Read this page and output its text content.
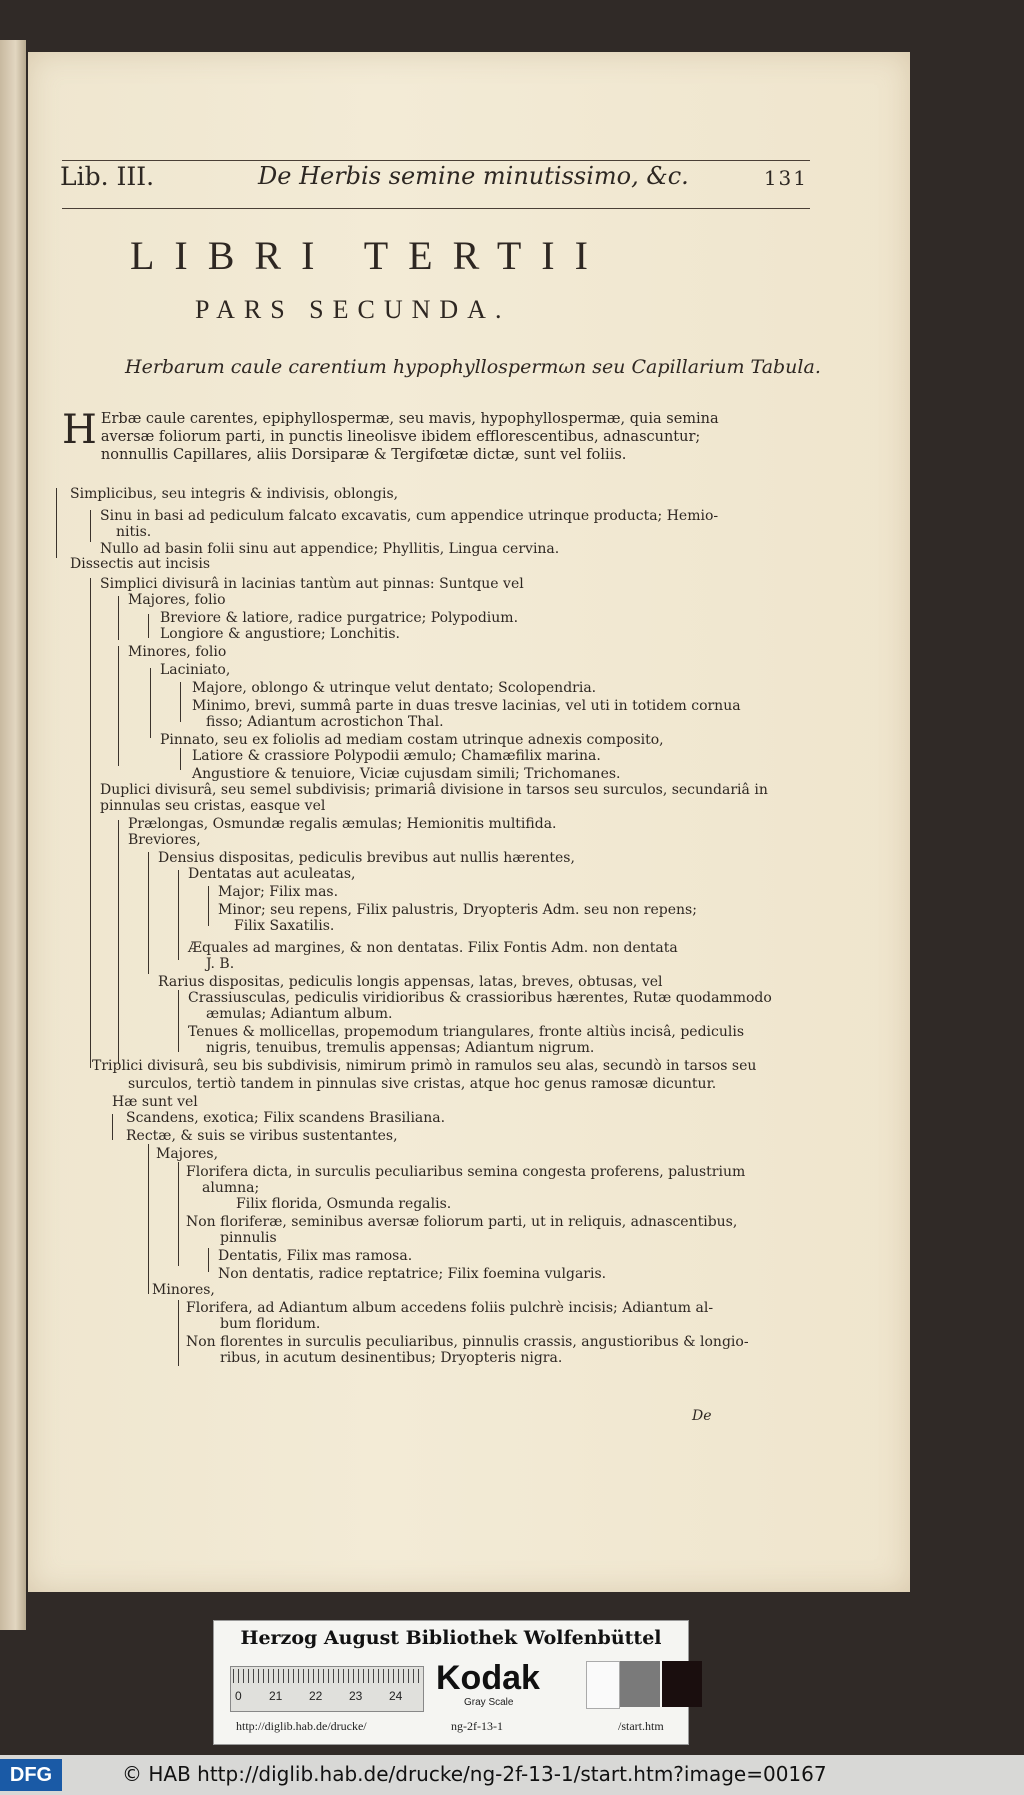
Lib. III.	De Herbis semine minutissimo, &c.	131
LIBRI TERTII
PARS SECUNDA.
Herbarum caule carentium hypophyllospermωn seu Capillarium Tabula.
H Erbæ caule carentes, epiphyllospermæ, seu mavis, hypophyllospermæ, quia semina aversæ foliorum parti, in punctis lineolisve ibidem efflorescentibus, adnascuntur; nonnullis Capillares, aliis Dorsiparæ & Tergifœtæ dictæ, sunt vel foliis.
Simplicibus, seu integris & indivisis, oblongis,
Sinu in basi ad pediculum falcato excavatis, cum appendice utrinque producta; Hemio-
nitis.
Nullo ad basin folii sinu aut appendice; Phyllitis, Lingua cervina.
Dissectis aut incisis
Simplici divisurâ in lacinias tantùm aut pinnas: Suntque vel
Majores, folio
Breviore & latiore, radice purgatrice; Polypodium.
Longiore & angustiore; Lonchitis.
Minores, folio
Laciniato,
Majore, oblongo & utrinque velut dentato; Scolopendria.
Minimo, brevi, summâ parte in duas tresve lacinias, vel uti in totidem cornua
fisso; Adiantum acrostichon Thal.
Pinnato, seu ex foliolis ad mediam costam utrinque adnexis composito,
Latiore & crassiore Polypodii æmulo; Chamæfilix marina.
Angustiore & tenuiore, Viciæ cujusdam simili; Trichomanes.
Duplici divisurâ, seu semel subdivisis; primariâ divisione in tarsos seu surculos, secundariâ in
pinnulas seu cristas, easque vel
Prælongas, Osmundæ regalis æmulas; Hemionitis multifida.
Breviores,
Densius dispositas, pediculis brevibus aut nullis hærentes,
Dentatas aut aculeatas,
Major; Filix mas.
Minor; seu repens, Filix palustris, Dryopteris Adm. seu non repens;
Filix Saxatilis.
Æquales ad margines, & non dentatas. Filix Fontis Adm. non dentata
J. B.
Rarius dispositas, pediculis longis appensas, latas, breves, obtusas, vel
Crassiusculas, pediculis viridioribus & crassioribus hærentes, Rutæ quodammodo
æmulas; Adiantum album.
Tenues & mollicellas, propemodum triangulares, fronte altiùs incisâ, pediculis
nigris, tenuibus, tremulis appensas; Adiantum nigrum.
Triplici divisurâ, seu bis subdivisis, nimirum primò in ramulos seu alas, secundò in tarsos seu
surculos, tertiò tandem in pinnulas sive cristas, atque hoc genus ramosæ dicuntur.
Hæ sunt vel
Scandens, exotica; Filix scandens Brasiliana.
Rectæ, & suis se viribus sustentantes,
Majores,
Florifera dicta, in surculis peculiaribus semina congesta proferens, palustrium
alumna;
Filix florida, Osmunda regalis.
Non floriferæ, seminibus aversæ foliorum parti, ut in reliquis, adnascentibus,
pinnulis
Dentatis, Filix mas ramosa.
Non dentatis, radice reptatrice; Filix foemina vulgaris.
Minores,
Florifera, ad Adiantum album accedens foliis pulchrè incisis; Adiantum al-
bum floridum.
Non florentes in surculis peculiaribus, pinnulis crassis, angustioribus & longio-
ribus, in acutum desinentibus; Dryopteris nigra.
De
Herzog August Bibliothek Wolfenbüttel
0 21 22 23 24 Kodak
Gray Scale
http://diglib.hab.de/drucke/	ng-2f-13-1	/start.htm
DFG	© HAB http://diglib.hab.de/drucke/ng-2f-13-1/start.htm?image=00167
